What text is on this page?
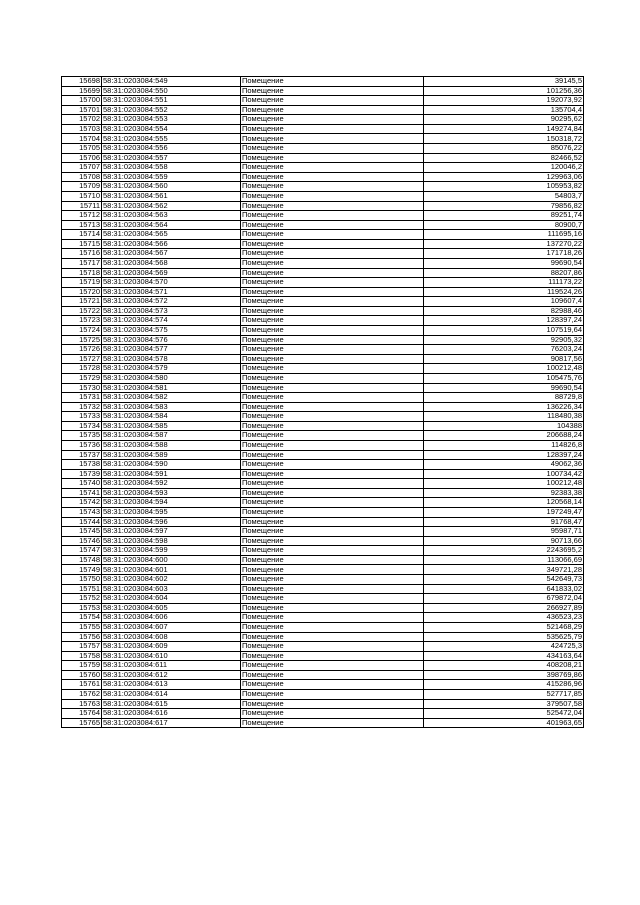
15698	58:31:0203084:549	Помещение	39145,5
15699	58:31:0203084:550	Помещение	101256,36
15700	58:31:0203084:551	Помещение	192073,92
15701	58:31:0203084:552	Помещение	135704,4
15702	58:31:0203084:553	Помещение	90295,62
15703	58:31:0203084:554	Помещение	149274,84
15704	58:31:0203084:555	Помещение	150318,72
15705	58:31:0203084:556	Помещение	85076,22
15706	58:31:0203084:557	Помещение	82466,52
15707	58:31:0203084:558	Помещение	120046,2
15708	58:31:0203084:559	Помещение	129963,06
15709	58:31:0203084:560	Помещение	105953,82
15710	58:31:0203084:561	Помещение	54803,7
15711	58:31:0203084:562	Помещение	79856,82
15712	58:31:0203084:563	Помещение	89251,74
15713	58:31:0203084:564	Помещение	80900,7
15714	58:31:0203084:565	Помещение	111695,16
15715	58:31:0203084:566	Помещение	137270,22
15716	58:31:0203084:567	Помещение	171718,26
15717	58:31:0203084:568	Помещение	99690,54
15718	58:31:0203084:569	Помещение	88207,86
15719	58:31:0203084:570	Помещение	111173,22
15720	58:31:0203084:571	Помещение	119524,26
15721	58:31:0203084:572	Помещение	109607,4
15722	58:31:0203084:573	Помещение	82988,46
15723	58:31:0203084:574	Помещение	128397,24
15724	58:31:0203084:575	Помещение	107519,64
15725	58:31:0203084:576	Помещение	92905,32
15726	58:31:0203084:577	Помещение	76203,24
15727	58:31:0203084:578	Помещение	90817,56
15728	58:31:0203084:579	Помещение	100212,48
15729	58:31:0203084:580	Помещение	105475,76
15730	58:31:0203084:581	Помещение	99690,54
15731	58:31:0203084:582	Помещение	88729,8
15732	58:31:0203084:583	Помещение	136226,34
15733	58:31:0203084:584	Помещение	118480,38
15734	58:31:0203084:585	Помещение	104388
15735	58:31:0203084:587	Помещение	206688,24
15736	58:31:0203084:588	Помещение	114826,8
15737	58:31:0203084:589	Помещение	128397,24
15738	58:31:0203084:590	Помещение	49062,36
15739	58:31:0203084:591	Помещение	100734,42
15740	58:31:0203084:592	Помещение	100212,48
15741	58:31:0203084:593	Помещение	92383,38
15742	58:31:0203084:594	Помещение	120568,14
15743	58:31:0203084:595	Помещение	197249,47
15744	58:31:0203084:596	Помещение	91768,47
15745	58:31:0203084:597	Помещение	95987,71
15746	58:31:0203084:598	Помещение	90713,66
15747	58:31:0203084:599	Помещение	2243695,2
15748	58:31:0203084:600	Помещение	113066,69
15749	58:31:0203084:601	Помещение	349721,28
15750	58:31:0203084:602	Помещение	542649,73
15751	58:31:0203084:603	Помещение	641833,02
15752	58:31:0203084:604	Помещение	679872,04
15753	58:31:0203084:605	Помещение	266927,89
15754	58:31:0203084:606	Помещение	436523,23
15755	58:31:0203084:607	Помещение	521468,29
15756	58:31:0203084:608	Помещение	535625,79
15757	58:31:0203084:609	Помещение	424725,3
15758	58:31:0203084:610	Помещение	434163,64
15759	58:31:0203084:611	Помещение	408208,21
15760	58:31:0203084:612	Помещение	398769,86
15761	58:31:0203084:613	Помещение	415286,96
15762	58:31:0203084:614	Помещение	527717,85
15763	58:31:0203084:615	Помещение	379507,58
15764	58:31:0203084:616	Помещение	525472,04
15765	58:31:0203084:617	Помещение	401963,65
